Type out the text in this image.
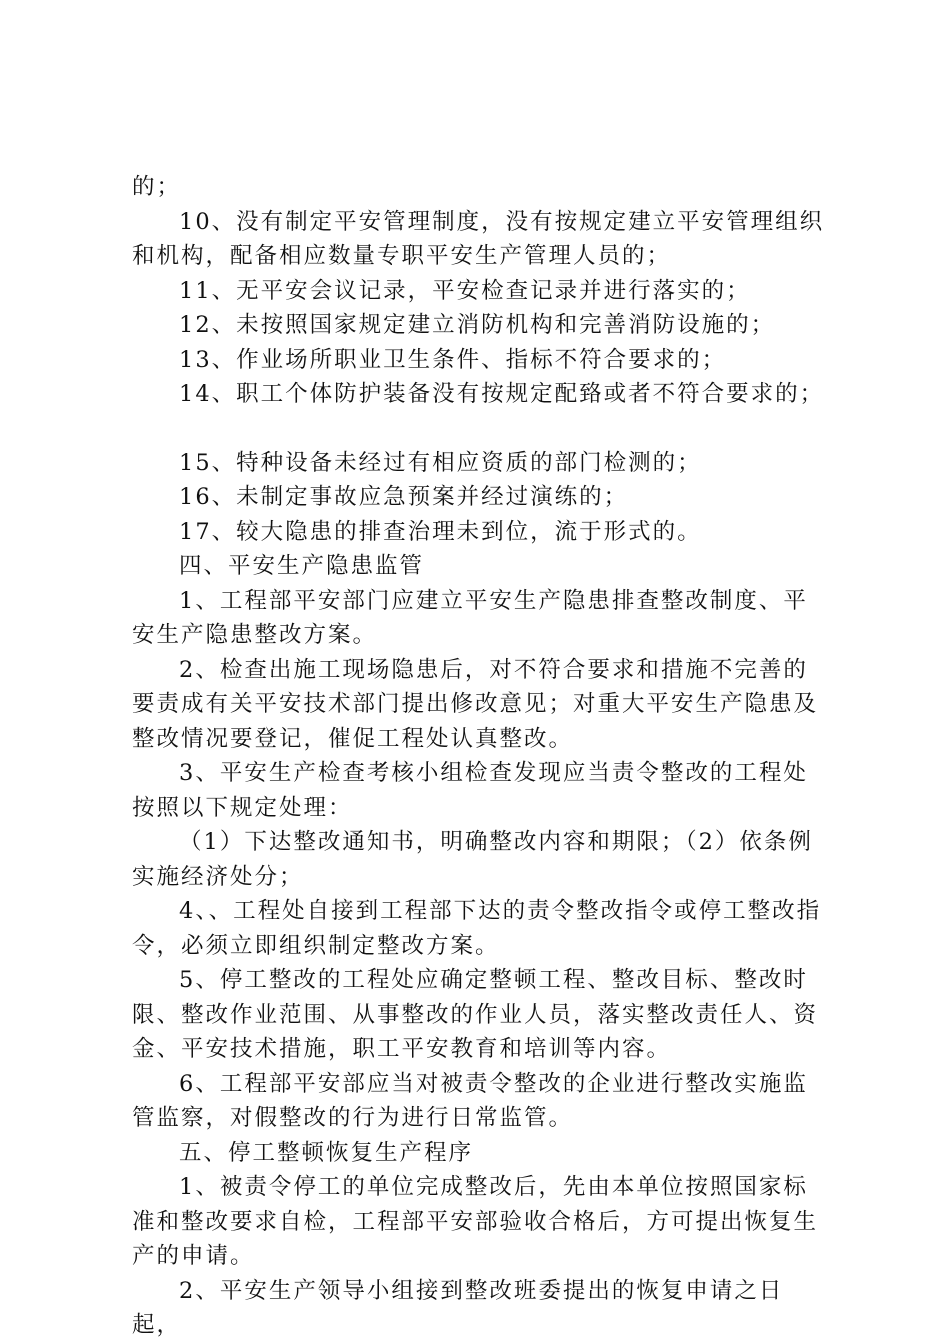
的；

10、没有制定平安管理制度，没有按规定建立平安管理组织和机构，配备相应数量专职平安生产管理人员的；

11、无平安会议记录，平安检查记录并进行落实的；

12、未按照国家规定建立消防机构和完善消防设施的；

13、作业场所职业卫生条件、指标不符合要求的；

14、职工个体防护装备没有按规定配臵或者不符合要求的；

15、特种设备未经过有相应资质的部门检测的；

16、未制定事故应急预案并经过演练的；

17、较大隐患的排查治理未到位，流于形式的。

四、平安生产隐患监管

1、工程部平安部门应建立平安生产隐患排查整改制度、平安生产隐患整改方案。

2、检查出施工现场隐患后，对不符合要求和措施不完善的要责成有关平安技术部门提出修改意见；对重大平安生产隐患及整改情况要登记，催促工程处认真整改。

3、平安生产检查考核小组检查发现应当责令整改的工程处按照以下规定处理：

（1）下达整改通知书，明确整改内容和期限；（2）依条例实施经济处分；

4、、工程处自接到工程部下达的责令整改指令或停工整改指令，必须立即组织制定整改方案。

5、停工整改的工程处应确定整顿工程、整改目标、整改时限、整改作业范围、从事整改的作业人员，落实整改责任人、资金、平安技术措施，职工平安教育和培训等内容。

6、工程部平安部应当对被责令整改的企业进行整改实施监管监察，对假整改的行为进行日常监管。

五、停工整顿恢复生产程序

1、被责令停工的单位完成整改后，先由本单位按照国家标准和整改要求自检，工程部平安部验收合格后，方可提出恢复生产的申请。

2、平安生产领导小组接到整改班委提出的恢复申请之日起，
